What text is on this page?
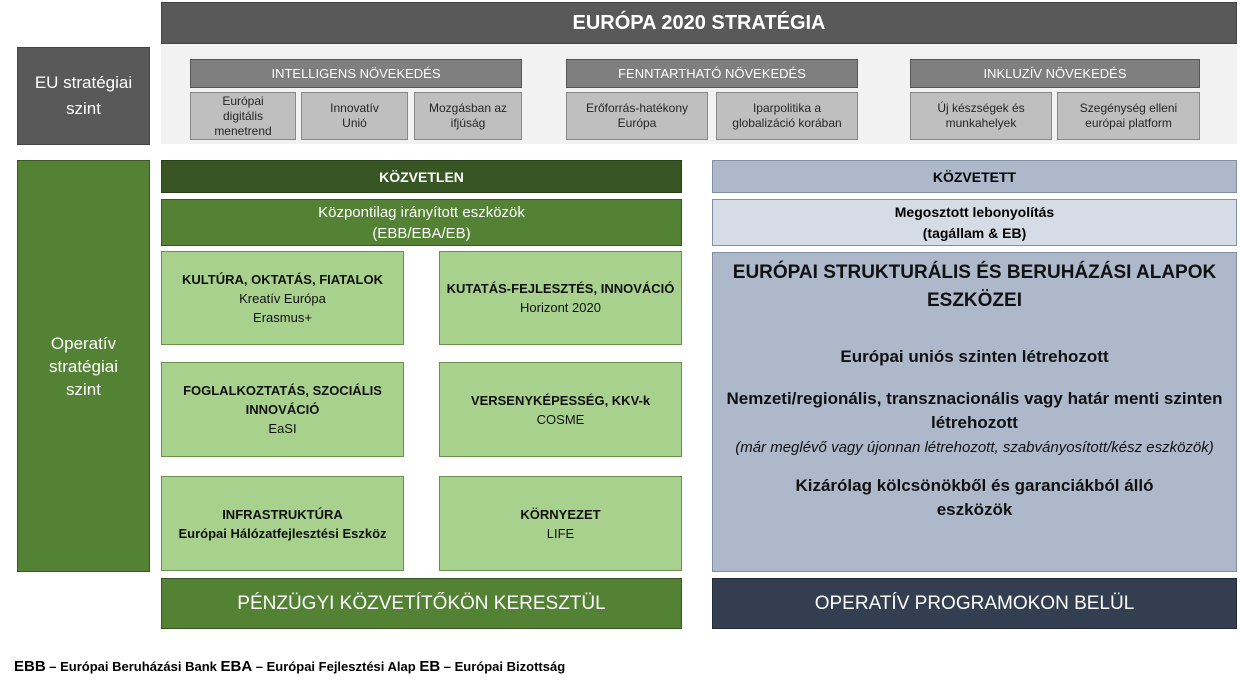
EURÓPA 2020 STRATÉGIA
EU stratégiai
szint
INTELLIGENS NÖVEKEDÉS
Európai
digitális
menetrend
Innovatív
Unió
Mozgásban az
ifjúság
FENNTARTHATÓ NÖVEKEDÉS
Erőforrás-hatékony
Európa
Iparpolitika a
globalizáció korában
INKLUZÍV NÖVEKEDÉS
Új készségek és
munkahelyek
Szegénység elleni
európai platform
Operatív
stratégiai
szint
KÖZVETLEN
Központilag irányított eszközök
(EBB/EBA/EB)
KULTÚRA, OKTATÁS, FIATALOK
Kreatív Európa
Erasmus+
KUTATÁS-FEJLESZTÉS, INNOVÁCIÓ
Horizont 2020
FOGLALKOZTATÁS, SZOCIÁLIS INNOVÁCIÓ
EaSI
VERSENYKÉPESSÉG, KKV-k
COSME
INFRASTRUKTÚRA
Európai Hálózatfejlesztési Eszköz
KÖRNYEZET
LIFE
PÉNZÜGYI KÖZVETÍTŐKÖN KERESZTÜL
KÖZVETETT
Megosztott lebonyolítás
(tagállam & EB)
EURÓPAI STRUKTURÁLIS ÉS BERUHÁZÁSI ALAPOK ESZKÖZEI
Európai uniós szinten létrehozott
Nemzeti/regionális, transznacionális vagy határ menti szinten létrehozott
(már meglévő vagy újonnan létrehozott, szabványosított/kész eszközök)
Kizárólag kölcsönökből és garanciákból álló eszközök
OPERATÍV PROGRAMOKON BELÜL
EBB – Európai Beruházási Bank EBA – Európai Fejlesztési Alap EB – Európai Bizottság
